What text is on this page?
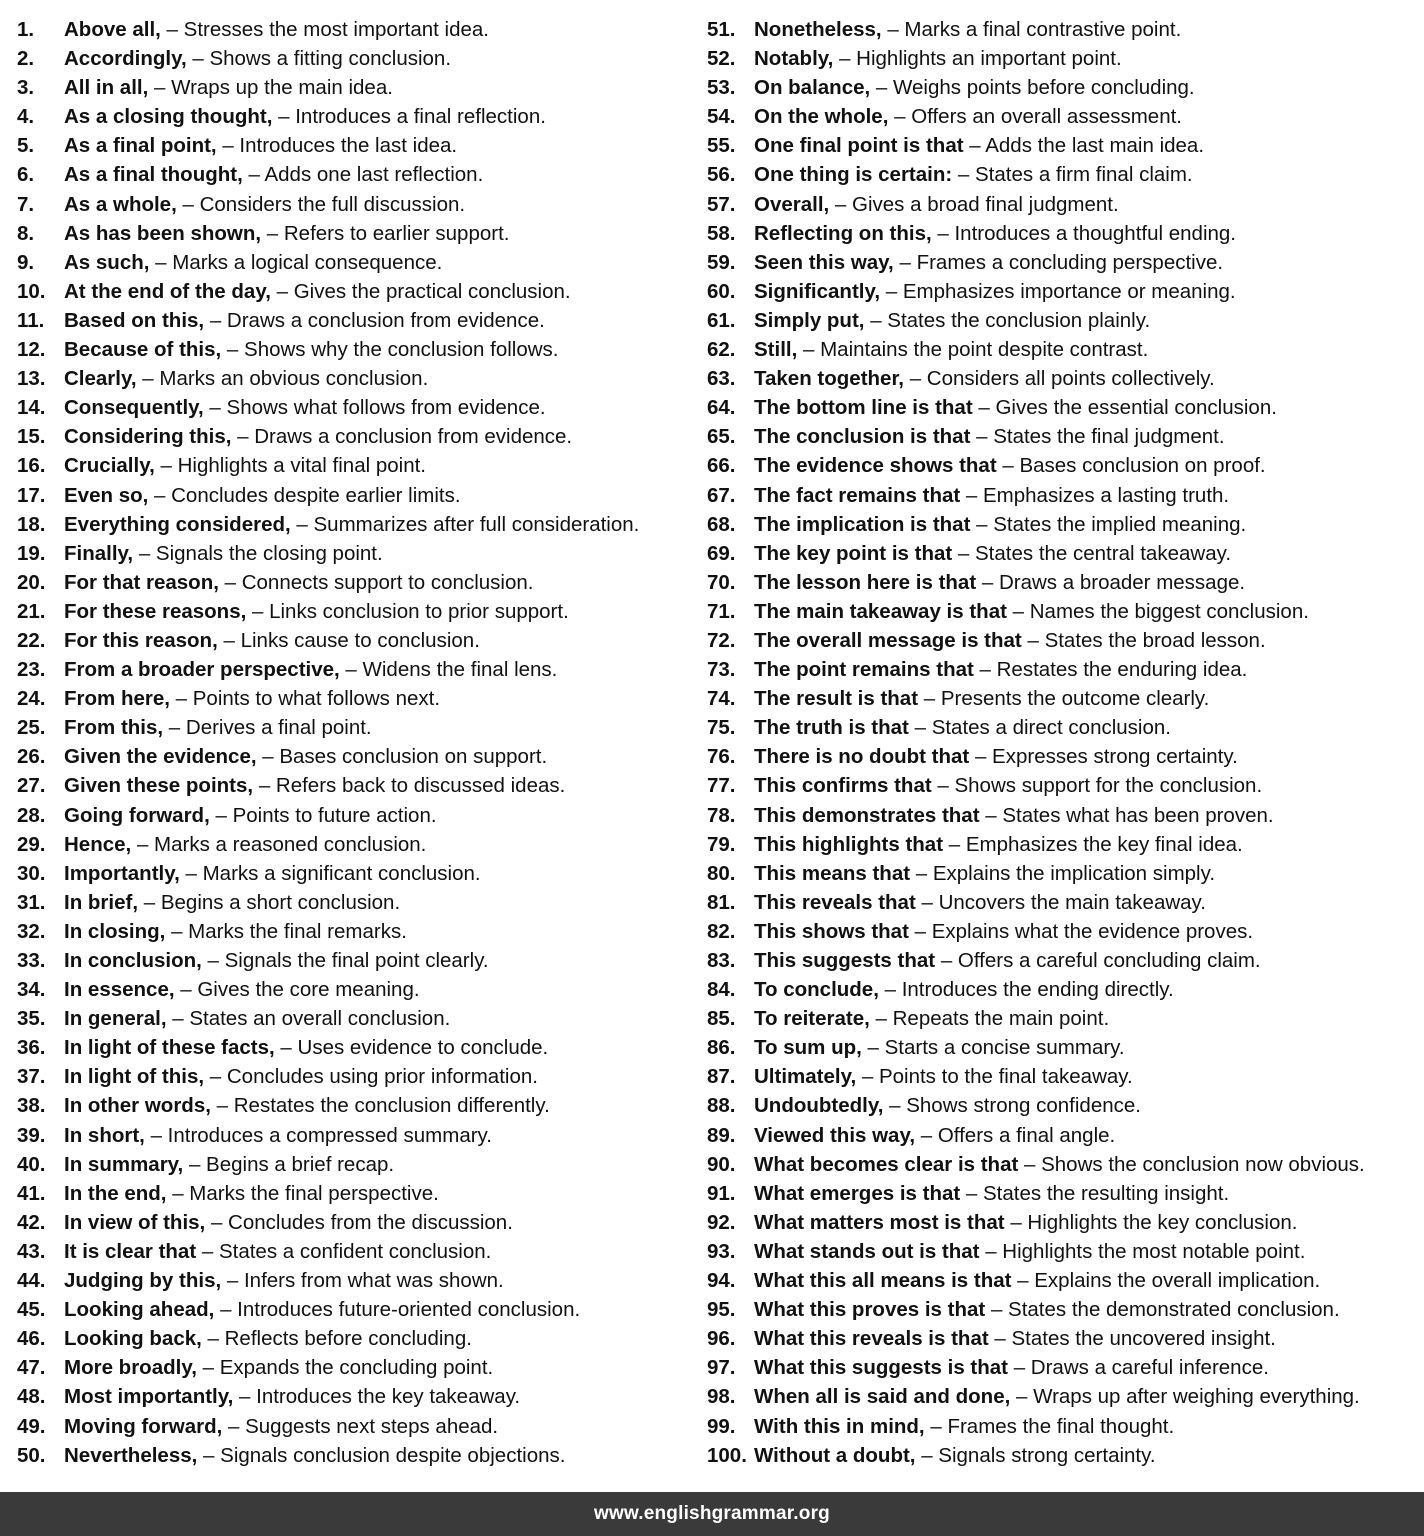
1. Above all, – Stresses the most important idea.
2. Accordingly, – Shows a fitting conclusion.
3. All in all, – Wraps up the main idea.
4. As a closing thought, – Introduces a final reflection.
5. As a final point, – Introduces the last idea.
6. As a final thought, – Adds one last reflection.
7. As a whole, – Considers the full discussion.
8. As has been shown, – Refers to earlier support.
9. As such, – Marks a logical consequence.
10. At the end of the day, – Gives the practical conclusion.
11. Based on this, – Draws a conclusion from evidence.
12. Because of this, – Shows why the conclusion follows.
13. Clearly, – Marks an obvious conclusion.
14. Consequently, – Shows what follows from evidence.
15. Considering this, – Draws a conclusion from evidence.
16. Crucially, – Highlights a vital final point.
17. Even so, – Concludes despite earlier limits.
18. Everything considered, – Summarizes after full consideration.
19. Finally, – Signals the closing point.
20. For that reason, – Connects support to conclusion.
21. For these reasons, – Links conclusion to prior support.
22. For this reason, – Links cause to conclusion.
23. From a broader perspective, – Widens the final lens.
24. From here, – Points to what follows next.
25. From this, – Derives a final point.
26. Given the evidence, – Bases conclusion on support.
27. Given these points, – Refers back to discussed ideas.
28. Going forward, – Points to future action.
29. Hence, – Marks a reasoned conclusion.
30. Importantly, – Marks a significant conclusion.
31. In brief, – Begins a short conclusion.
32. In closing, – Marks the final remarks.
33. In conclusion, – Signals the final point clearly.
34. In essence, – Gives the core meaning.
35. In general, – States an overall conclusion.
36. In light of these facts, – Uses evidence to conclude.
37. In light of this, – Concludes using prior information.
38. In other words, – Restates the conclusion differently.
39. In short, – Introduces a compressed summary.
40. In summary, – Begins a brief recap.
41. In the end, – Marks the final perspective.
42. In view of this, – Concludes from the discussion.
43. It is clear that – States a confident conclusion.
44. Judging by this, – Infers from what was shown.
45. Looking ahead, – Introduces future-oriented conclusion.
46. Looking back, – Reflects before concluding.
47. More broadly, – Expands the concluding point.
48. Most importantly, – Introduces the key takeaway.
49. Moving forward, – Suggests next steps ahead.
50. Nevertheless, – Signals conclusion despite objections.
51. Nonetheless, – Marks a final contrastive point.
52. Notably, – Highlights an important point.
53. On balance, – Weighs points before concluding.
54. On the whole, – Offers an overall assessment.
55. One final point is that – Adds the last main idea.
56. One thing is certain: – States a firm final claim.
57. Overall, – Gives a broad final judgment.
58. Reflecting on this, – Introduces a thoughtful ending.
59. Seen this way, – Frames a concluding perspective.
60. Significantly, – Emphasizes importance or meaning.
61. Simply put, – States the conclusion plainly.
62. Still, – Maintains the point despite contrast.
63. Taken together, – Considers all points collectively.
64. The bottom line is that – Gives the essential conclusion.
65. The conclusion is that – States the final judgment.
66. The evidence shows that – Bases conclusion on proof.
67. The fact remains that – Emphasizes a lasting truth.
68. The implication is that – States the implied meaning.
69. The key point is that – States the central takeaway.
70. The lesson here is that – Draws a broader message.
71. The main takeaway is that – Names the biggest conclusion.
72. The overall message is that – States the broad lesson.
73. The point remains that – Restates the enduring idea.
74. The result is that – Presents the outcome clearly.
75. The truth is that – States a direct conclusion.
76. There is no doubt that – Expresses strong certainty.
77. This confirms that – Shows support for the conclusion.
78. This demonstrates that – States what has been proven.
79. This highlights that – Emphasizes the key final idea.
80. This means that – Explains the implication simply.
81. This reveals that – Uncovers the main takeaway.
82. This shows that – Explains what the evidence proves.
83. This suggests that – Offers a careful concluding claim.
84. To conclude, – Introduces the ending directly.
85. To reiterate, – Repeats the main point.
86. To sum up, – Starts a concise summary.
87. Ultimately, – Points to the final takeaway.
88. Undoubtedly, – Shows strong confidence.
89. Viewed this way, – Offers a final angle.
90. What becomes clear is that – Shows the conclusion now obvious.
91. What emerges is that – States the resulting insight.
92. What matters most is that – Highlights the key conclusion.
93. What stands out is that – Highlights the most notable point.
94. What this all means is that – Explains the overall implication.
95. What this proves is that – States the demonstrated conclusion.
96. What this reveals is that – States the uncovered insight.
97. What this suggests is that – Draws a careful inference.
98. When all is said and done, – Wraps up after weighing everything.
99. With this in mind, – Frames the final thought.
100. Without a doubt, – Signals strong certainty.
www.englishgrammar.org
